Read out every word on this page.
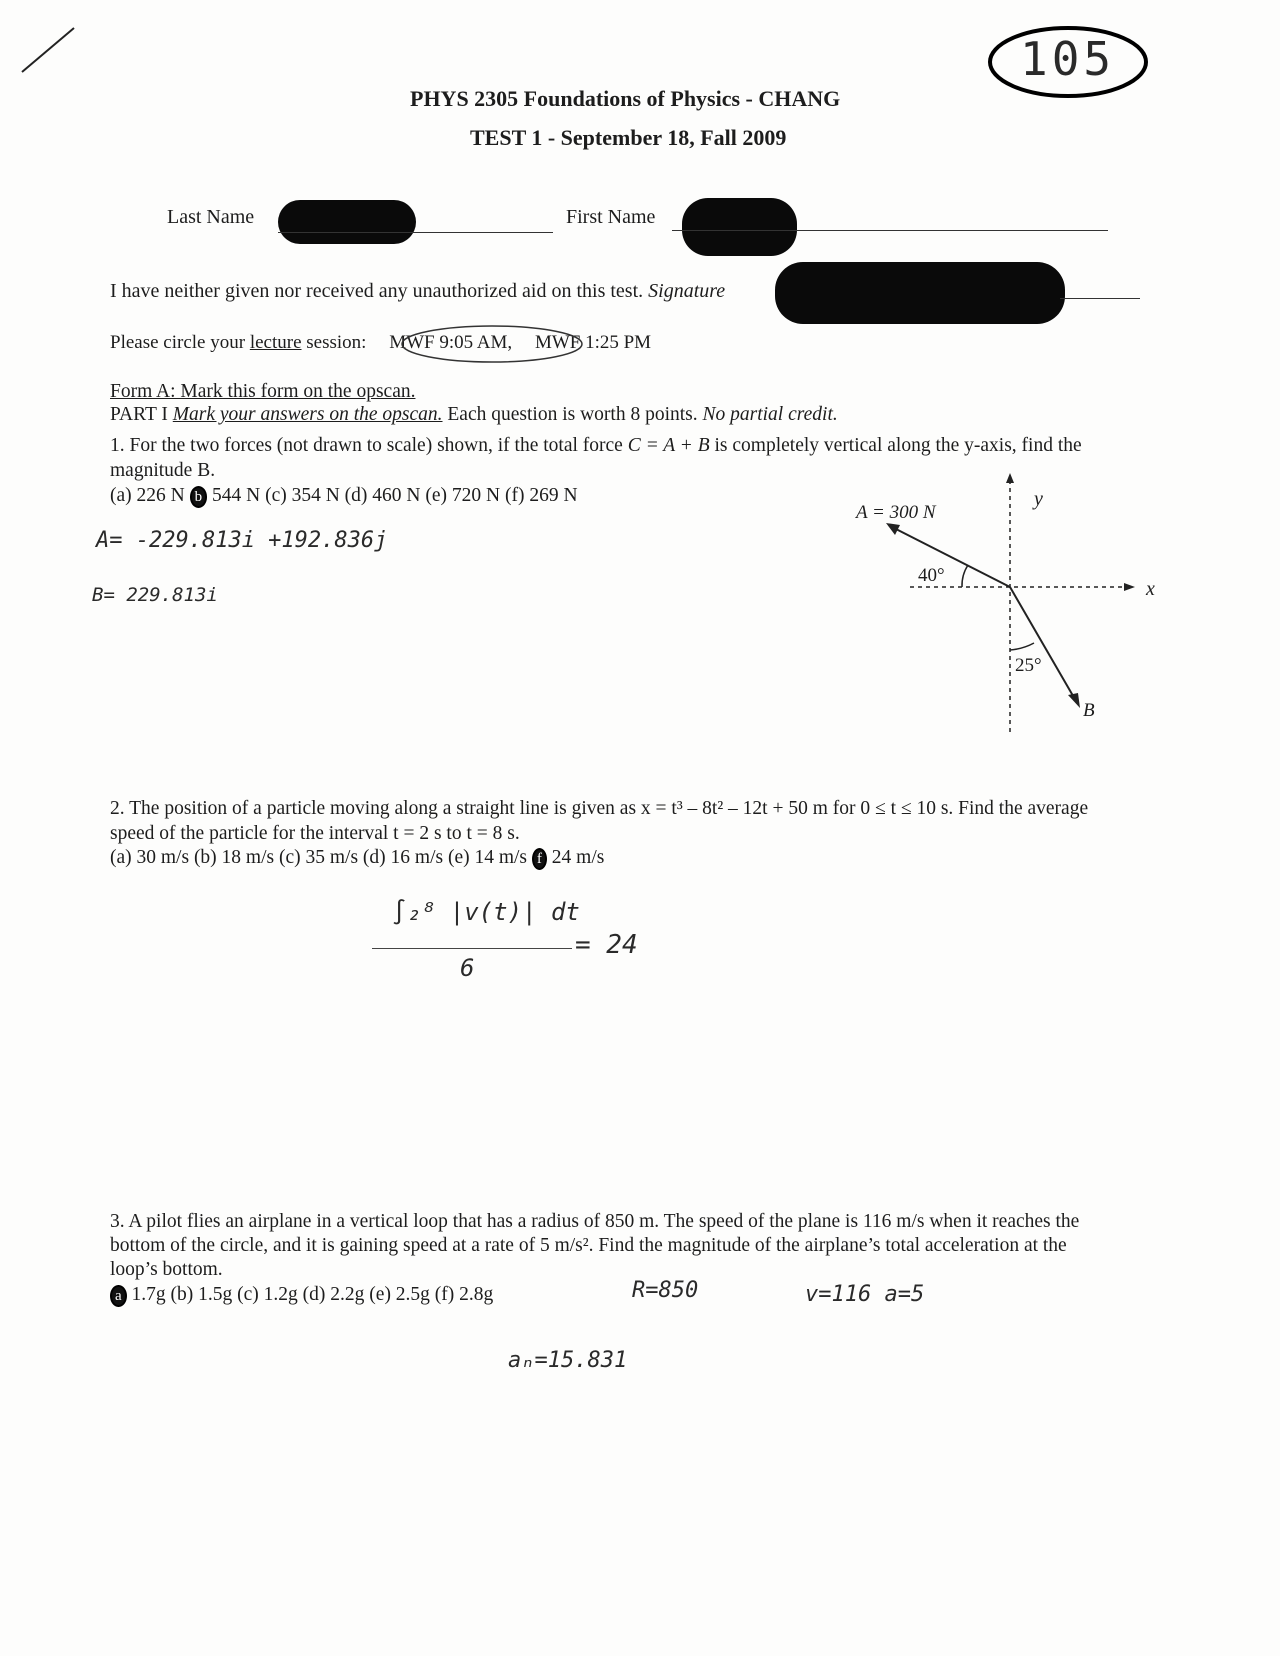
105

PHYS 2305 Foundations of Physics - CHANG
TEST 1 - September 18, Fall 2009
Last Name	First Name
I have neither given nor received any unauthorized aid on this test. Signature
Please circle your lecture session: MWF 9:05 AM, MWF 1:25 PM
Form A: Mark this form on the opscan.
PART I Mark your answers on the opscan. Each question is worth 8 points. No partial credit.
1. For the two forces (not drawn to scale) shown, if the total force C = A + B is completely vertical along the y-axis, find the
magnitude B.
(a) 226 N b 544 N (c) 354 N (d) 460 N (e) 720 N (f) 269 N
A= -229.813i +192.836j
B= 229.813i
A = 300 N
40°
25°
x
y
B
2. The position of a particle moving along a straight line is given as x = t³ – 8t² – 12t + 50 m for 0 ≤ t ≤ 10 s. Find the average
speed of the particle for the interval t = 2 s to t = 8 s.
(a) 30 m/s (b) 18 m/s (c) 35 m/s (d) 16 m/s (e) 14 m/s f 24 m/s
∫₂⁸ |v(t)| dt
6
= 24
3. A pilot flies an airplane in a vertical loop that has a radius of 850 m. The speed of the plane is 116 m/s when it reaches the
bottom of the circle, and it is gaining speed at a rate of 5 m/s². Find the magnitude of the airplane’s total acceleration at the
loop’s bottom.
a 1.7g (b) 1.5g (c) 1.2g (d) 2.2g (e) 2.5g (f) 2.8g	R=850	v=116 a=5
aₙ=15.831
